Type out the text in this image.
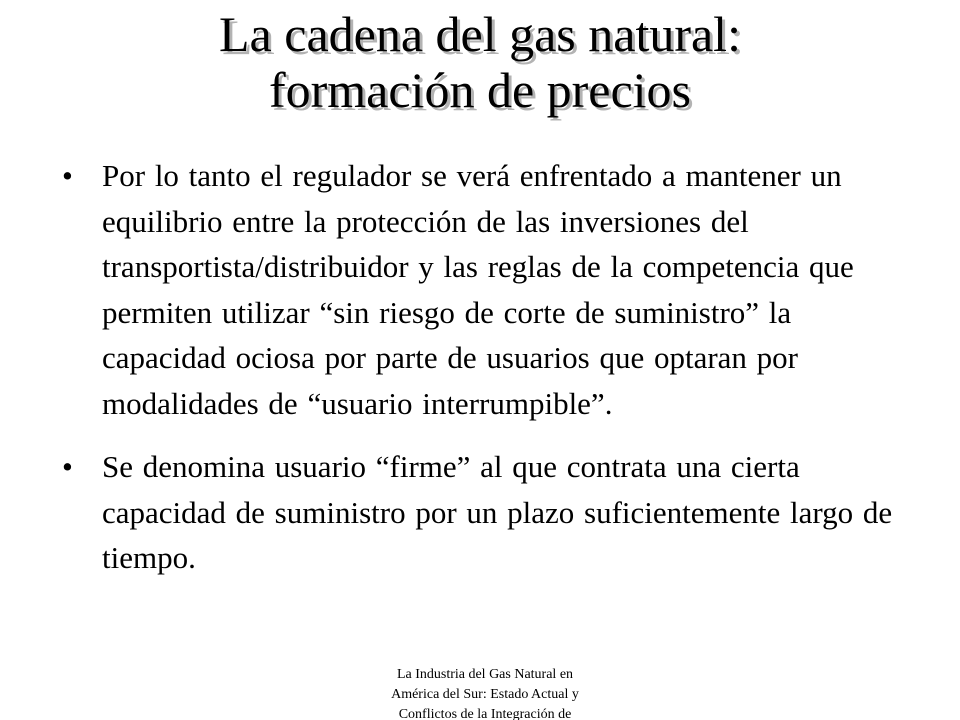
La cadena del gas natural:
formación de precios
• Por lo tanto el regulador se verá enfrentado a mantener un equilibrio entre la protección de las inversiones del transportista/distribuidor y las reglas de la competencia que permiten utilizar “sin riesgo de corte de suministro” la capacidad ociosa por parte de usuarios que optaran por modalidades de “usuario interrumpible”.
• Se denomina usuario “firme” al que contrata una cierta capacidad de suministro por un plazo suficientemente largo de tiempo.
La Industria del Gas Natural en
América del Sur: Estado Actual y
Conflictos de la Integración de
